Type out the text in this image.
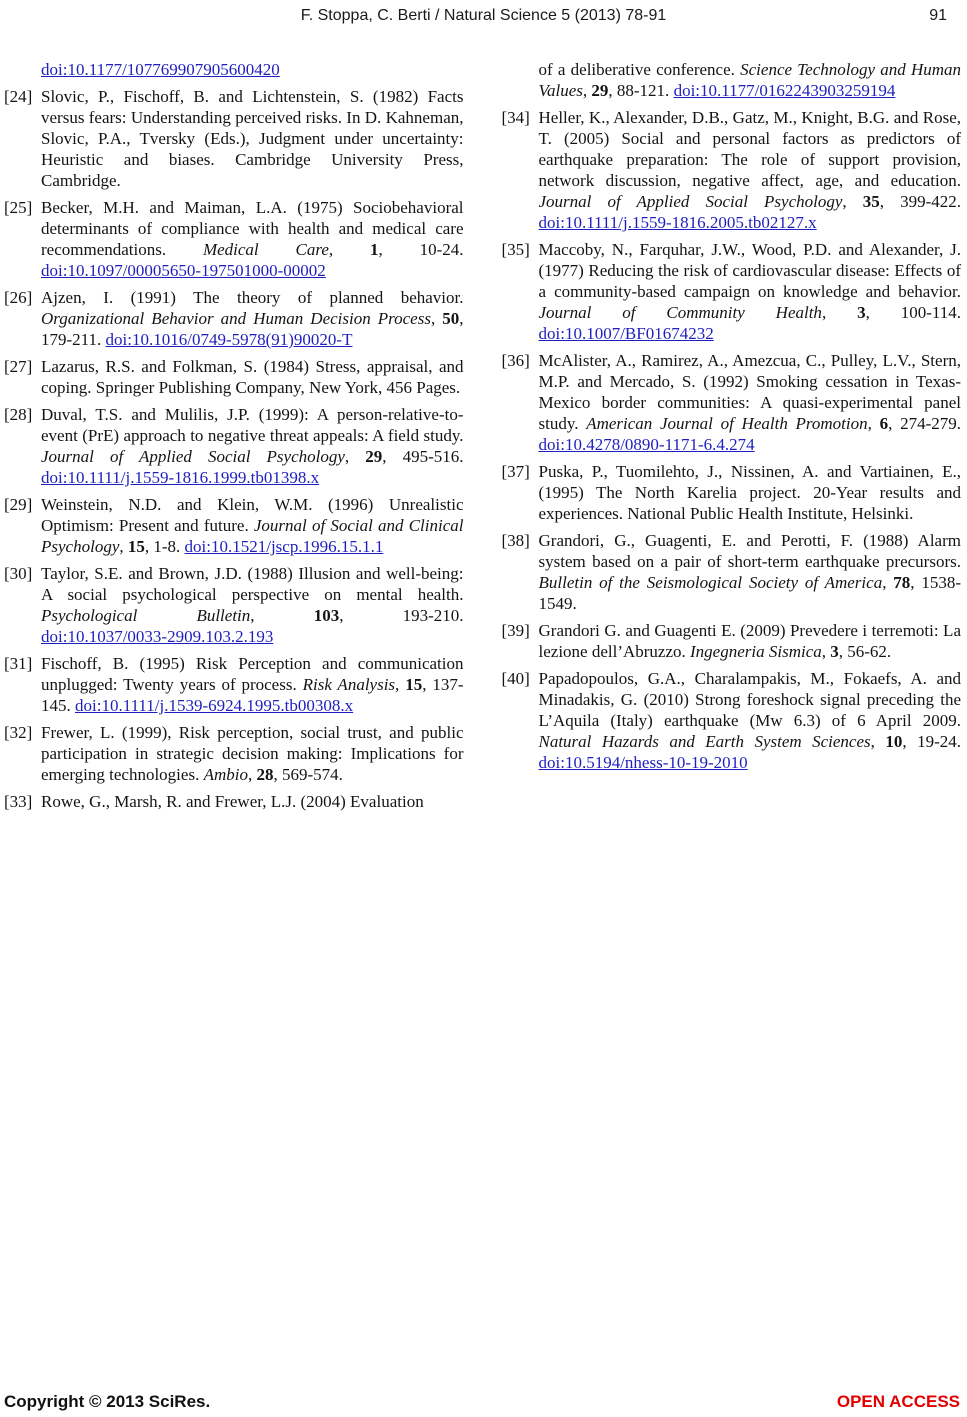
F. Stoppa, C. Berti / Natural Science 5 (2013) 78-91	91
doi:10.1177/107769907905600420
[24] Slovic, P., Fischoff, B. and Lichtenstein, S. (1982) Facts versus fears: Understanding perceived risks. In D. Kahneman, Slovic, P.A., Tversky (Eds.), Judgment under uncertainty: Heuristic and biases. Cambridge University Press, Cambridge.
[25] Becker, M.H. and Maiman, L.A. (1975) Sociobehavioral determinants of compliance with health and medical care recommendations. Medical Care, 1, 10-24. doi:10.1097/00005650-197501000-00002
[26] Ajzen, I. (1991) The theory of planned behavior. Organizational Behavior and Human Decision Process, 50, 179-211. doi:10.1016/0749-5978(91)90020-T
[27] Lazarus, R.S. and Folkman, S. (1984) Stress, appraisal, and coping. Springer Publishing Company, New York, 456 Pages.
[28] Duval, T.S. and Mulilis, J.P. (1999): A person-relative-to-event (PrE) approach to negative threat appeals: A field study. Journal of Applied Social Psychology, 29, 495-516. doi:10.1111/j.1559-1816.1999.tb01398.x
[29] Weinstein, N.D. and Klein, W.M. (1996) Unrealistic Optimism: Present and future. Journal of Social and Clinical Psychology, 15, 1-8. doi:10.1521/jscp.1996.15.1.1
[30] Taylor, S.E. and Brown, J.D. (1988) Illusion and well-being: A social psychological perspective on mental health. Psychological Bulletin, 103, 193-210. doi:10.1037/0033-2909.103.2.193
[31] Fischoff, B. (1995) Risk Perception and communication unplugged: Twenty years of process. Risk Analysis, 15, 137-145. doi:10.1111/j.1539-6924.1995.tb00308.x
[32] Frewer, L. (1999), Risk perception, social trust, and public participation in strategic decision making: Implications for emerging technologies. Ambio, 28, 569-574.
[33] Rowe, G., Marsh, R. and Frewer, L.J. (2004) Evaluation
of a deliberative conference. Science Technology and Human Values, 29, 88-121. doi:10.1177/0162243903259194
[34] Heller, K., Alexander, D.B., Gatz, M., Knight, B.G. and Rose, T. (2005) Social and personal factors as predictors of earthquake preparation: The role of support provision, network discussion, negative affect, age, and education. Journal of Applied Social Psychology, 35, 399-422. doi:10.1111/j.1559-1816.2005.tb02127.x
[35] Maccoby, N., Farquhar, J.W., Wood, P.D. and Alexander, J. (1977) Reducing the risk of cardiovascular disease: Effects of a community-based campaign on knowledge and behavior. Journal of Community Health, 3, 100-114. doi:10.1007/BF01674232
[36] McAlister, A., Ramirez, A., Amezcua, C., Pulley, L.V., Stern, M.P. and Mercado, S. (1992) Smoking cessation in Texas-Mexico border communities: A quasi-experimental panel study. American Journal of Health Promotion, 6, 274-279. doi:10.4278/0890-1171-6.4.274
[37] Puska, P., Tuomilehto, J., Nissinen, A. and Vartiainen, E., (1995) The North Karelia project. 20-Year results and experiences. National Public Health Institute, Helsinki.
[38] Grandori, G., Guagenti, E. and Perotti, F. (1988) Alarm system based on a pair of short-term earthquake precursors. Bulletin of the Seismological Society of America, 78, 1538-1549.
[39] Grandori G. and Guagenti E. (2009) Prevedere i terremoti: La lezione dell’Abruzzo. Ingegneria Sismica, 3, 56-62.
[40] Papadopoulos, G.A., Charalampakis, M., Fokaefs, A. and Minadakis, G. (2010) Strong foreshock signal preceding the L’Aquila (Italy) earthquake (Mw 6.3) of 6 April 2009. Natural Hazards and Earth System Sciences, 10, 19-24. doi:10.5194/nhess-10-19-2010
Copyright © 2013 SciRes.	OPEN ACCESS
